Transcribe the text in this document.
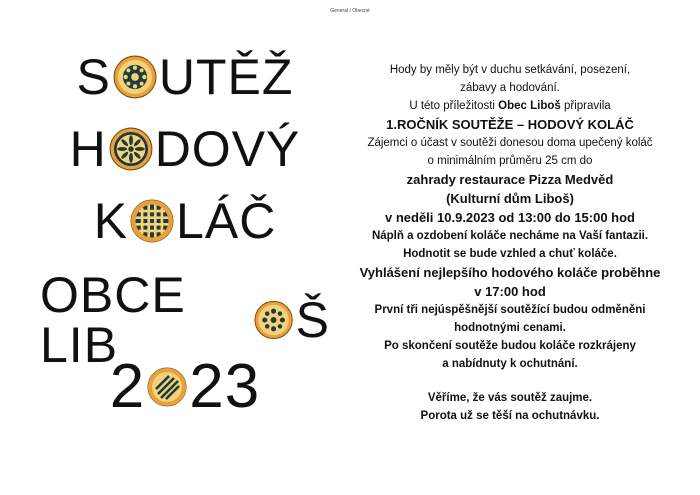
General / Obecné
S UTĚŽ
H DOVÝ
K LÁČ
OBCE LIB	Š
2 23

Hody by měly být v duchu setkávání, posezení,

zábavy a hodování.

U této příležitosti Obec Liboš připravila

1.ROČNÍK SOUTĚŽE – HODOVÝ KOLÁČ

Zájemci o účast v soutěži donesou doma upečený koláč

o minimálním průměru 25 cm do

zahrady restaurace Pizza Medvěd

(Kulturní dům Liboš)

v neděli 10.9.2023 od 13:00 do 15:00 hod

Náplň a ozdobení koláče necháme na Vaší fantazii.

Hodnotit se bude vzhled a chuť koláče.

Vyhlášení nejlepšího hodového koláče proběhne

v 17:00 hod

První tři nejúspěšnější soutěžící budou odměněni

hodnotnými cenami.

Po skončení soutěže budou koláče rozkrájeny

a nabídnuty k ochutnání.

Věříme, že vás soutěž zaujme.

Porota už se těší na ochutnávku.
